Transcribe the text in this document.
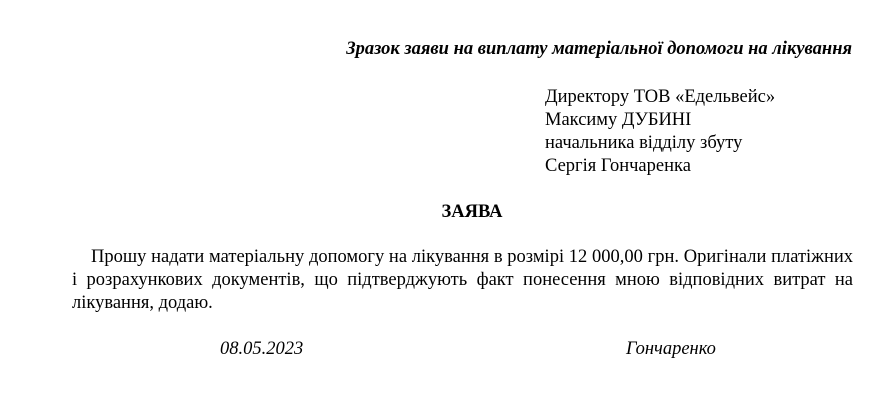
Зразок заяви на виплату матеріальної допомоги на лікування
Директору ТОВ «Едельвейс»
Максиму ДУБИНІ
начальника відділу збуту
Сергія Гончаренка
ЗАЯВА
Прошу надати матеріальну допомогу на лікування в розмірі 12 000,00 грн. Оригінали платіжних і розрахункових документів, що підтверджують факт понесення мною відповідних витрат на лікування, додаю.
08.05.2023	Гончаренко
